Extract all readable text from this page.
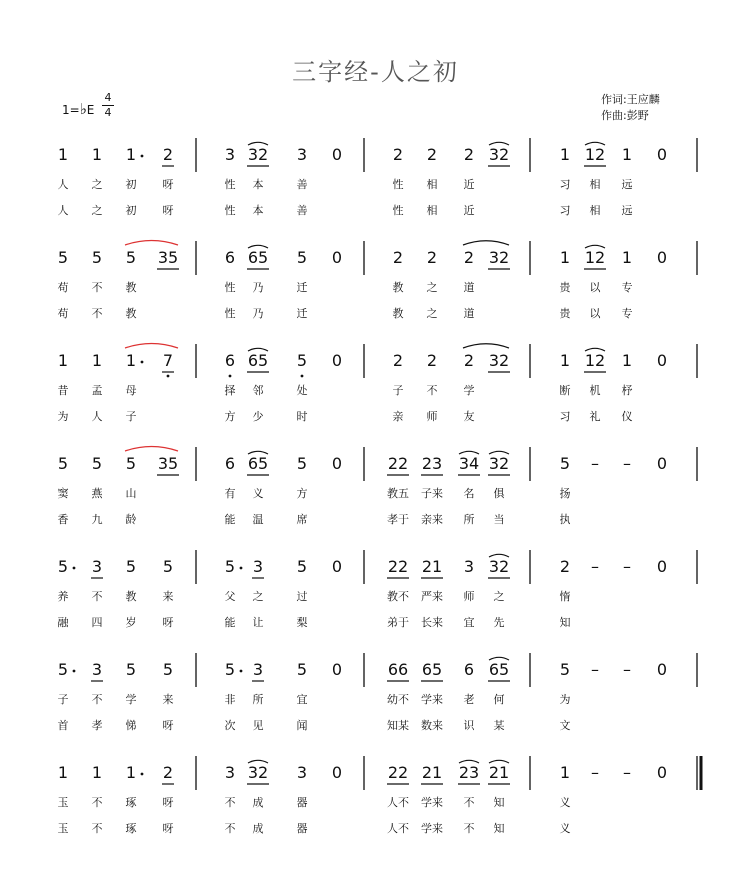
三字经-人之初
1=♭E
4
4
作词:王应麟
作曲:彭野
1 1 1 2	3 32 3 0	2 2 2 32	1 12 1 0
人	之	初	呀	性	本	善	性	相	近	习	相	远
人	之	初	呀	性	本	善	性	相	近	习	相	远
5 5 5 35	6 65 5 0	2 2 2 32	1 12 1 0
苟	不	教	性	乃	迁	教	之	道	贵	以	专
苟	不	教	性	乃	迁	教	之	道	贵	以	专
1 1 1 7	6 65 5 0	2 2 2 32	1 12 1 0
昔	孟	母	择	邻	处	子	不	学	断	机	杼
为	人	子	方	少	时	亲	师	友	习	礼	仪
5 5 5 35	6 65 5 0	22 23 34 32	5 – – 0
窦	燕	山	有	义	方	教五	子来	名	俱	扬
香	九	龄	能	温	席	孝于	亲来	所	当	执
5 3 5 5	5 3 5 0	22 21 3 32	2 – – 0
养	不	教	来	父	之	过	教不	严来	师	之	惰
融	四	岁	呀	能	让	梨	弟于	长来	宜	先	知
5 3 5 5	5 3 5 0	66 65 6 65	5 – – 0
子	不	学	来	非	所	宜	幼不	学来	老	何	为
首	孝	悌	呀	次	见	闻	知某	数来	识	某	文
1 1 1 2	3 32 3 0	22 21 23 21	1 – – 0
玉	不	琢	呀	不	成	器	人不	学来	不	知	义
玉	不	琢	呀	不	成	器	人不	学来	不	知	义
